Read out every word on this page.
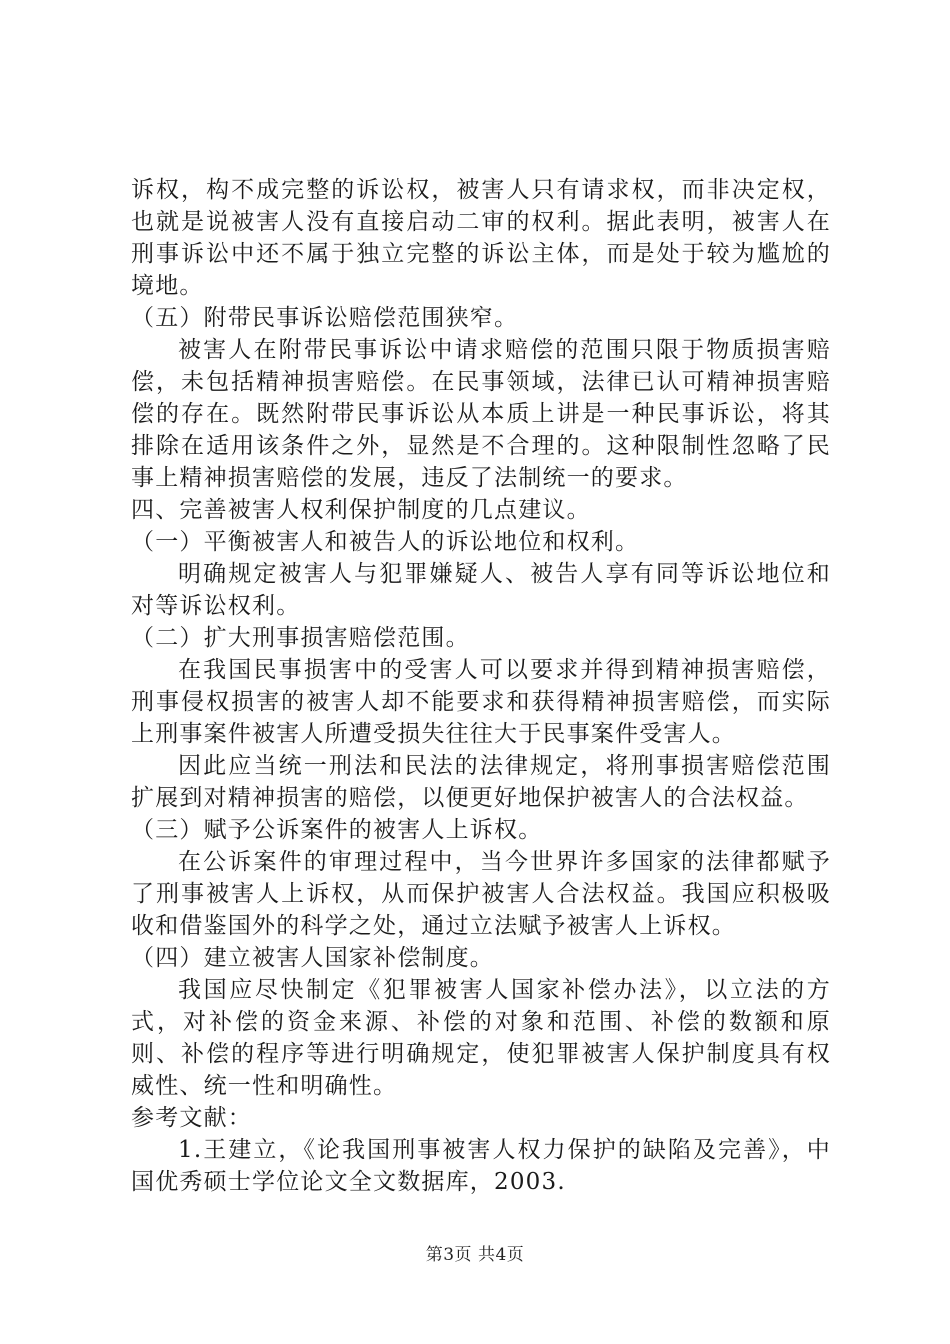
诉权，构不成完整的诉讼权，被害人只有请求权，而非决定权，也就是说被害人没有直接启动二审的权利。据此表明，被害人在刑事诉讼中还不属于独立完整的诉讼主体，而是处于较为尴尬的境地。

（五）附带民事诉讼赔偿范围狭窄。

被害人在附带民事诉讼中请求赔偿的范围只限于物质损害赔偿，未包括精神损害赔偿。在民事领域，法律已认可精神损害赔偿的存在。既然附带民事诉讼从本质上讲是一种民事诉讼，将其排除在适用该条件之外，显然是不合理的。这种限制性忽略了民事上精神损害赔偿的发展，违反了法制统一的要求。

四、完善被害人权利保护制度的几点建议。

（一）平衡被害人和被告人的诉讼地位和权利。

明确规定被害人与犯罪嫌疑人、被告人享有同等诉讼地位和对等诉讼权利。

（二）扩大刑事损害赔偿范围。

在我国民事损害中的受害人可以要求并得到精神损害赔偿，刑事侵权损害的被害人却不能要求和获得精神损害赔偿，而实际上刑事案件被害人所遭受损失往往大于民事案件受害人。

因此应当统一刑法和民法的法律规定，将刑事损害赔偿范围扩展到对精神损害的赔偿，以便更好地保护被害人的合法权益。

（三）赋予公诉案件的被害人上诉权。

在公诉案件的审理过程中，当今世界许多国家的法律都赋予了刑事被害人上诉权，从而保护被害人合法权益。我国应积极吸收和借鉴国外的科学之处，通过立法赋予被害人上诉权。

（四）建立被害人国家补偿制度。

我国应尽快制定《犯罪被害人国家补偿办法》，以立法的方式，对补偿的资金来源、补偿的对象和范围、补偿的数额和原则、补偿的程序等进行明确规定，使犯罪被害人保护制度具有权威性、统一性和明确性。

参考文献：

1.王建立，《论我国刑事被害人权力保护的缺陷及完善》，中国优秀硕士学位论文全文数据库，2003.

第3页 共4页
